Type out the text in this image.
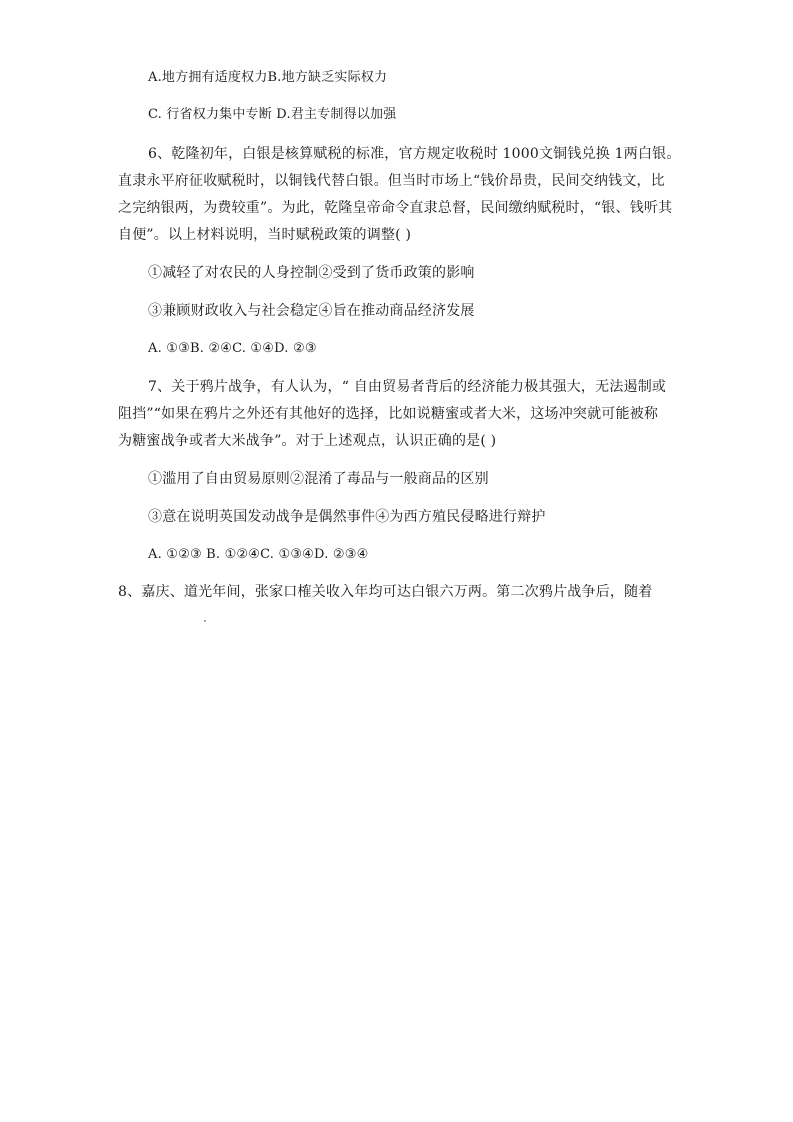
A.地方拥有适度权力B.地方缺乏实际权力
C. 行省权力集中专断 D.君主专制得以加强
6、乾隆初年，白银是核算赋税的标准，官方规定收税时 1000文铜钱兑换 1两白银。
直隶永平府征收赋税时，以铜钱代替白银。但当时市场上“钱价昂贵，民间交纳钱文，比
之完纳银两，为费较重”。为此，乾隆皇帝命令直隶总督，民间缴纳赋税时，“银、钱听其
自便”。以上材料说明，当时赋税政策的调整( )
①减轻了对农民的人身控制②受到了货币政策的影响
③兼顾财政收入与社会稳定④旨在推动商品经济发展
A. ①③B. ②④C. ①④D. ②③
7、关于鸦片战争，有人认为，“ 自由贸易者背后的经济能力极其强大，无法遏制或
阻挡”“如果在鸦片之外还有其他好的选择，比如说糖蜜或者大米，这场冲突就可能被称
为糖蜜战争或者大米战争”。对于上述观点，认识正确的是( )
①滥用了自由贸易原则②混淆了毒品与一般商品的区别
③意在说明英国发动战争是偶然事件④为西方殖民侵略进行辩护
A. ①②③ B. ①②④C. ①③④D. ②③④
8、嘉庆、道光年间，张家口榷关收入年均可达白银六万两。第二次鸦片战争后，随着
